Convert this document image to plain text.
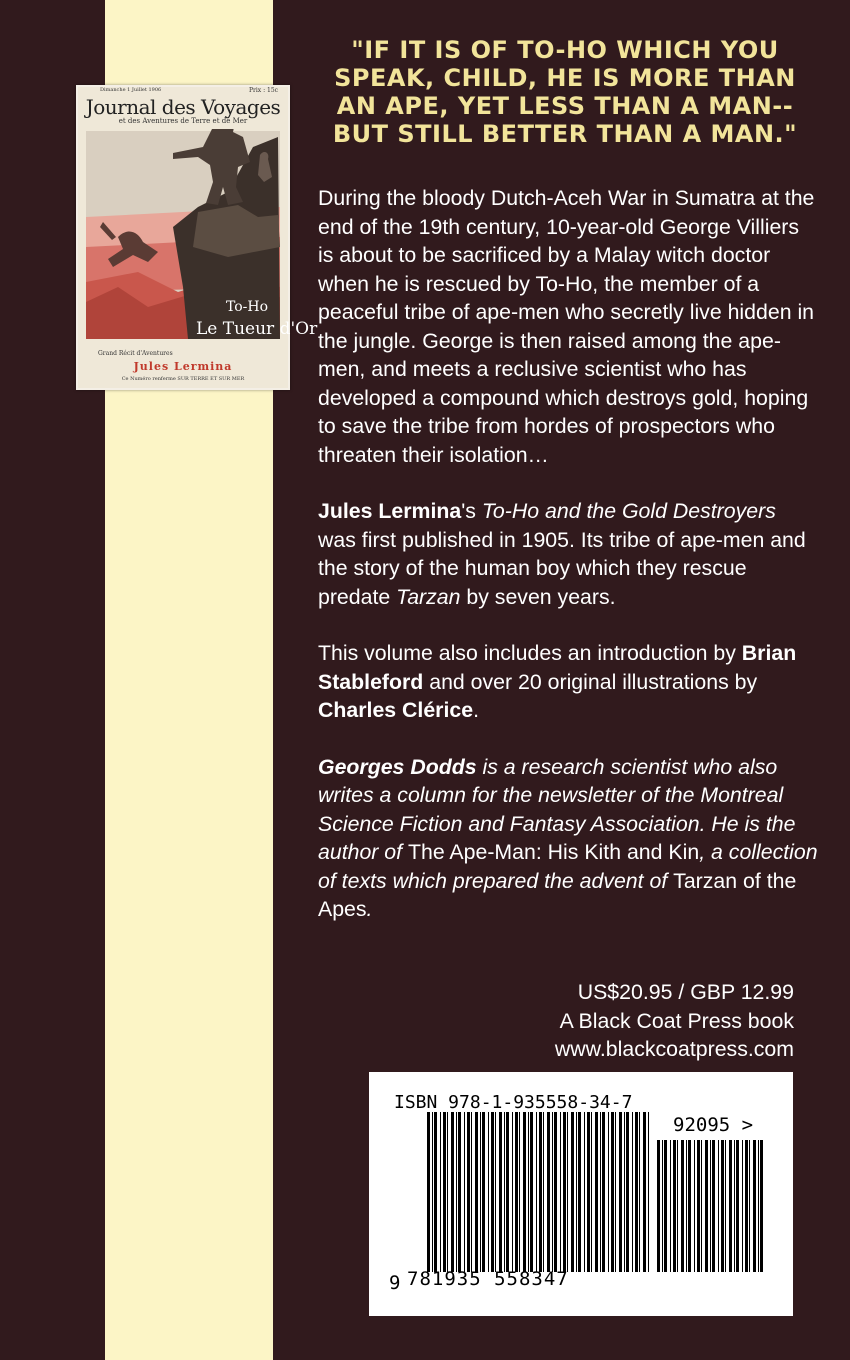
Dimanche 1 Juillet 1906	Prix : 15c
Journal des Voyages
et des Aventures de Terre et de Mer
To-Ho
Le Tueur d'Or
Grand Récit d'Aventures
Jules Lermina
Ce Numéro renferme SUR TERRE ET SUR MER
"IF IT IS OF TO-HO WHICH YOU SPEAK, CHILD, HE IS MORE THAN AN APE, YET LESS THAN A MAN--BUT STILL BETTER THAN A MAN."

During the bloody Dutch-Aceh War in Sumatra at the end of the 19th century, 10-year-old George Villiers is about to be sacrificed by a Malay witch doctor when he is rescued by To-Ho, the member of a peaceful tribe of ape-men who secretly live hidden in the jungle. George is then raised among the ape-men, and meets a reclusive scientist who has developed a compound which destroys gold, hoping to save the tribe from hordes of prospectors who threaten their isolation…

Jules Lermina's To-Ho and the Gold Destroyers was first published in 1905. Its tribe of ape-men and the story of the human boy which they rescue predate Tarzan by seven years.

This volume also includes an introduction by Brian Stableford and over 20 original illustrations by Charles Clérice.

Georges Dodds is a research scientist who also writes a column for the newsletter of the Montreal Science Fiction and Fantasy Association. He is the author of The Ape-Man: His Kith and Kin, a collection of texts which prepared the advent of Tarzan of the Apes.

US$20.95 / GBP 12.99
A Black Coat Press book
www.blackcoatpress.com
ISBN 978-1-935558-34-7
92095 >
9 781935 558347
